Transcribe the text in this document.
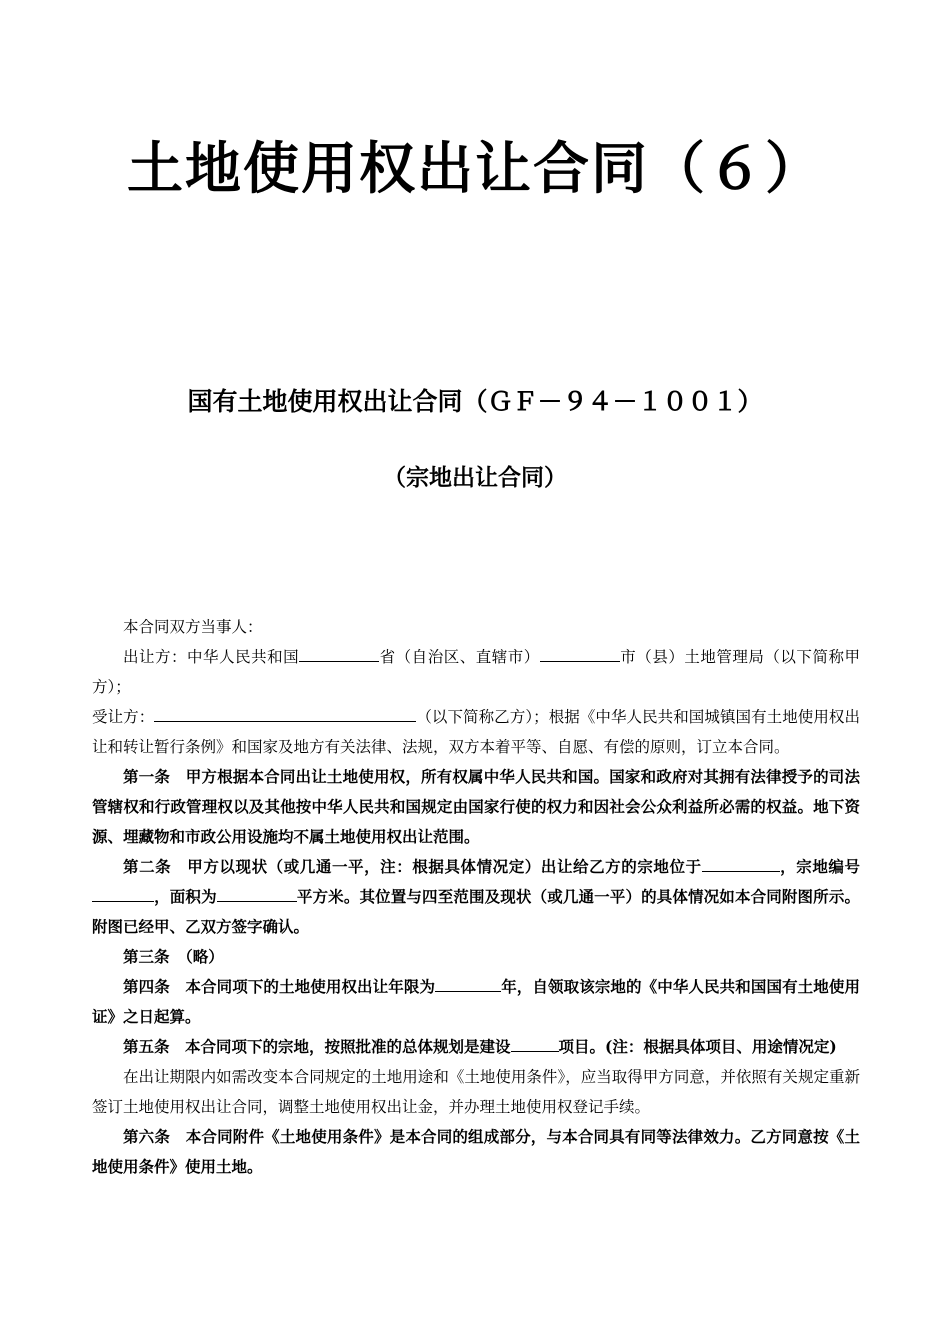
土地使用权出让合同（６）
国有土地使用权出让合同（ＧＦ－９４－１００１）
（宗地出让合同）

本合同双方当事人：

出让方：中华人民共和国	省（自治区、直辖市）	市（县）土地管理局（以下简称甲方）；

受让方：	（以下简称乙方）；根据《中华人民共和国城镇国有土地使用权出让和转让暂行条例》和国家及地方有关法律、法规，双方本着平等、自愿、有偿的原则，订立本合同。

第一条　甲方根据本合同出让土地使用权，所有权属中华人民共和国。国家和政府对其拥有法律授予的司法管辖权和行政管理权以及其他按中华人民共和国规定由国家行使的权力和因社会公众利益所必需的权益。地下资源、埋藏物和市政公用设施均不属土地使用权出让范围。

第二条　甲方以现状（或几通一平，注：根据具体情况定）出让给乙方的宗地位于	，宗地编号，面积为	平方米。其位置与四至范围及现状（或几通一平）的具体情况如本合同附图所示。附图已经甲、乙双方签字确认。

第三条　（略）

第四条　本合同项下的土地使用权出让年限为	年，自领取该宗地的《中华人民共和国国有土地使用证》之日起算。

第五条　本合同项下的宗地，按照批准的总体规划是建设	项目。(注：根据具体项目、用途情况定)

在出让期限内如需改变本合同规定的土地用途和《土地使用条件》，应当取得甲方同意，并依照有关规定重新签订土地使用权出让合同，调整土地使用权出让金，并办理土地使用权登记手续。

第六条　本合同附件《土地使用条件》是本合同的组成部分，与本合同具有同等法律效力。乙方同意按《土地使用条件》使用土地。
